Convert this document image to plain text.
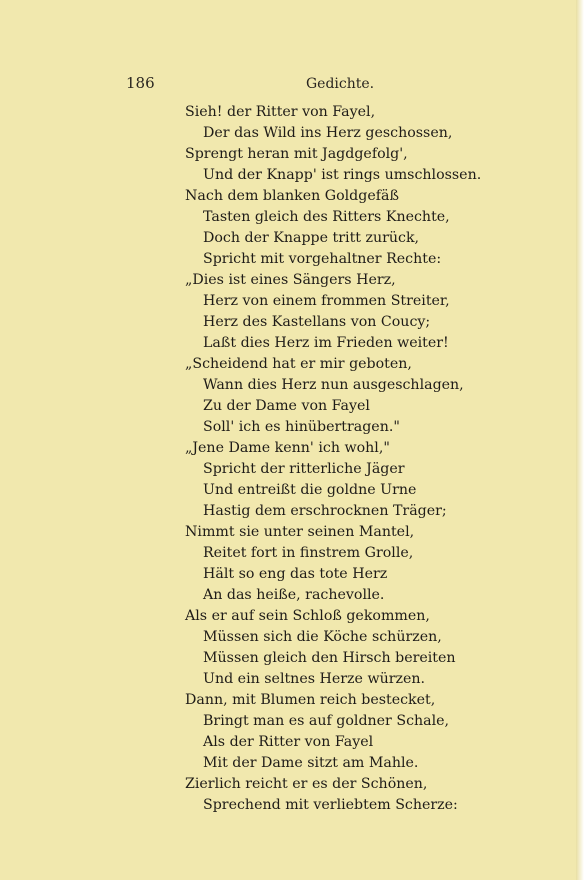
186	Gedichte.
Sieh! der Ritter von Fayel,
Der das Wild ins Herz geschossen,
Sprengt heran mit Jagdgefolg',
Und der Knapp' ist rings umschlossen.
Nach dem blanken Goldgefäß
Tasten gleich des Ritters Knechte,
Doch der Knappe tritt zurück,
Spricht mit vorgehaltner Rechte:
„Dies ist eines Sängers Herz,
Herz von einem frommen Streiter,
Herz des Kastellans von Coucy;
Laßt dies Herz im Frieden weiter!
„Scheidend hat er mir geboten,
Wann dies Herz nun ausgeschlagen,
Zu der Dame von Fayel
Soll' ich es hinübertragen."
„Jene Dame kenn' ich wohl,"
Spricht der ritterliche Jäger
Und entreißt die goldne Urne
Hastig dem erschrocknen Träger;
Nimmt sie unter seinen Mantel,
Reitet fort in finstrem Grolle,
Hält so eng das tote Herz
An das heiße, rachevolle.
Als er auf sein Schloß gekommen,
Müssen sich die Köche schürzen,
Müssen gleich den Hirsch bereiten
Und ein seltnes Herze würzen.
Dann, mit Blumen reich bestecket,
Bringt man es auf goldner Schale,
Als der Ritter von Fayel
Mit der Dame sitzt am Mahle.
Zierlich reicht er es der Schönen,
Sprechend mit verliebtem Scherze:
